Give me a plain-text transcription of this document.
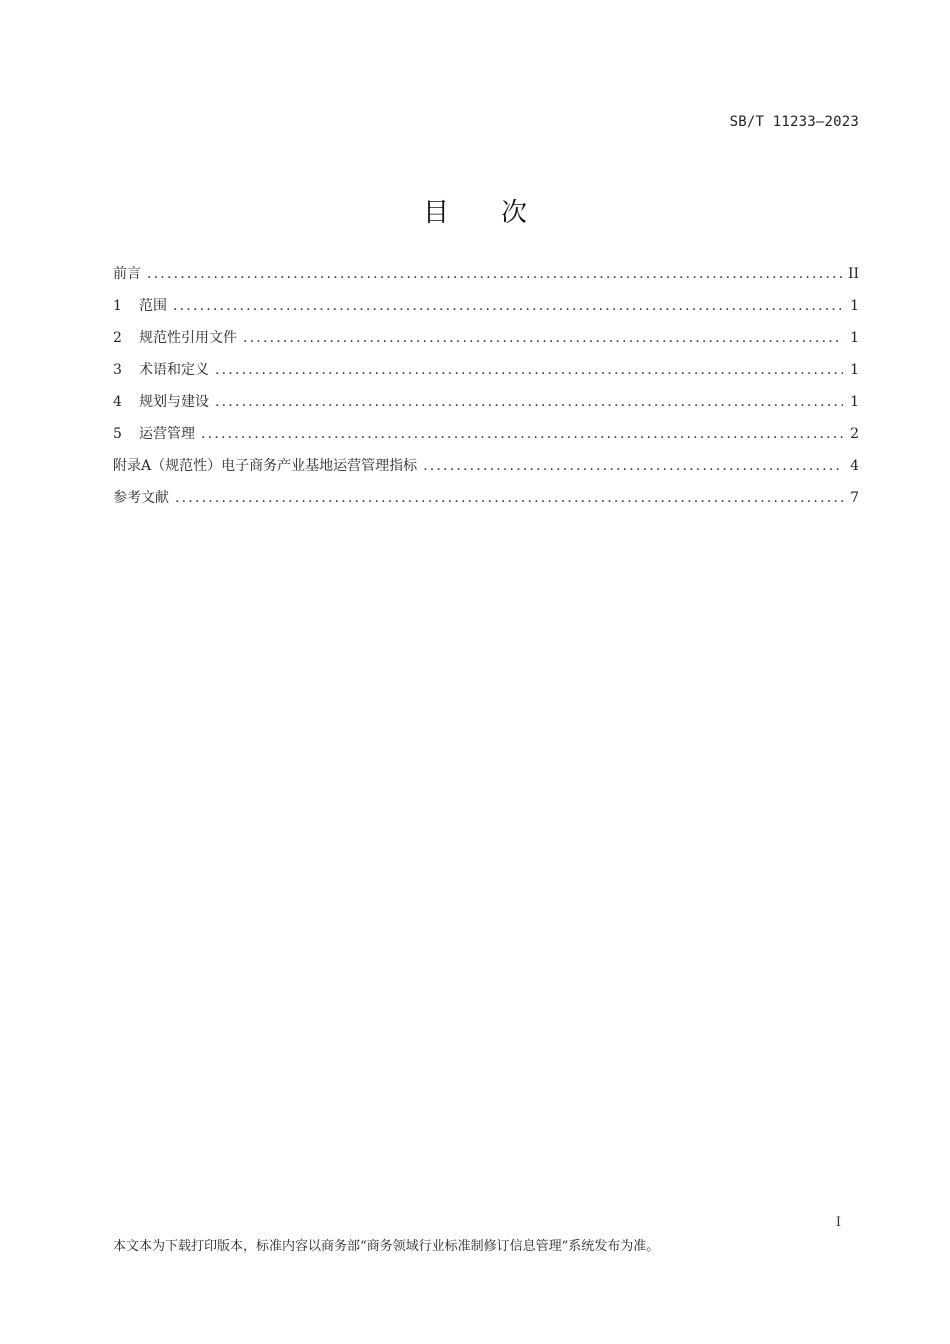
SB/T 11233—2023
目次
前言 .....	II
1 范围 .....	1
2 规范性引用文件 .....	1
3 术语和定义 .....	1
4 规划与建设 .....	1
5 运营管理 .....	2
附录A（规范性）电子商务产业基地运营管理指标 .....	4
参考文献 .....	7
I
本文本为下载打印版本，标准内容以商务部“商务领域行业标准制修订信息管理”系统发布为准。
